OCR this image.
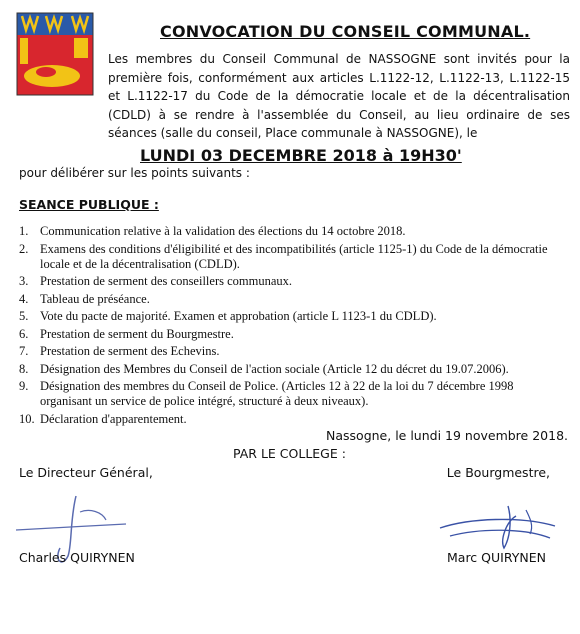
CONVOCATION DU CONSEIL COMMUNAL.
Les membres du Conseil Communal de NASSOGNE sont invités pour la première fois, conformément aux articles L.1122-12, L.1122-13, L.1122-15 et L.1122-17 du Code de la démocratie locale et de la décentralisation (CDLD) à se rendre à l'assemblée du Conseil, au lieu ordinaire de ses séances (salle du conseil, Place communale à NASSOGNE), le
LUNDI 03 DECEMBRE 2018 à 19H30'
pour délibérer sur les points suivants :
SEANCE PUBLIQUE :
1. Communication relative à la validation des élections du 14 octobre 2018.
2. Examens des conditions d'éligibilité et des incompatibilités (article 1125-1) du Code de la démocratie locale et de la décentralisation (CDLD).
3. Prestation de serment des conseillers communaux.
4. Tableau de préséance.
5. Vote du pacte de majorité. Examen et approbation (article L 1123-1 du CDLD).
6. Prestation de serment du Bourgmestre.
7. Prestation de serment des Echevins.
8. Désignation des Membres du Conseil de l'action sociale (Article 12 du décret du 19.07.2006).
9. Désignation des membres du Conseil de Police. (Articles 12 à 22 de la loi du 7 décembre 1998 organisant un service de police intégré, structuré à deux niveaux).
10. Déclaration d'apparentement.
Nassogne, le lundi 19 novembre 2018.
PAR LE COLLEGE :
Le Directeur Général,	Le Bourgmestre,
Charles QUIRYNEN	Marc QUIRYNEN
